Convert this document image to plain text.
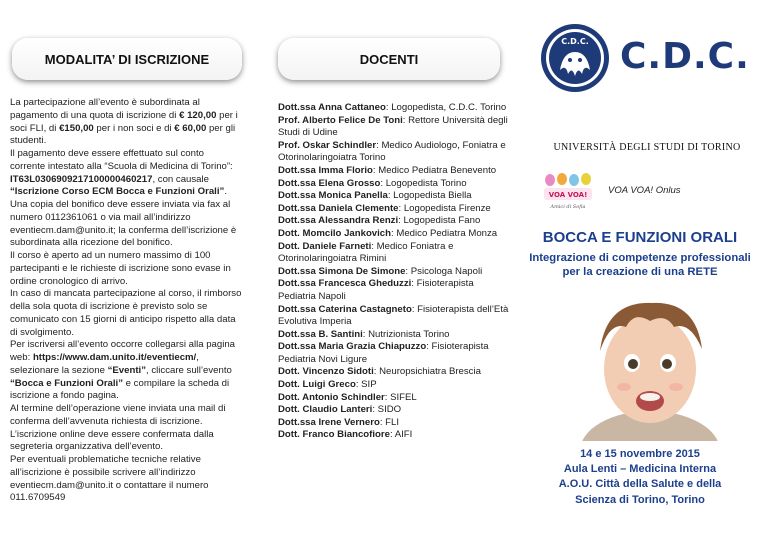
MODALITA’ DI ISCRIZIONE
La partecipazione all’evento è subordinata al
pagamento di una quota di iscrizione di € 120,00 per i
soci FLI, di €150,00 per i non soci e di € 60,00 per gli
studenti.
Il pagamento deve essere effettuato sul conto
corrente intestato alla “Scuola di Medicina di Torino”:
IT63L0306909217100000460217, con causale
“Iscrizione Corso ECM Bocca e Funzioni Orali”.
Una copia del bonifico deve essere inviata via fax al
numero 0112361061 o via mail all’indirizzo
eventiecm.dam@unito.it; la conferma dell’iscrizione è
subordinata alla ricezione del bonifico.
Il corso è aperto ad un numero massimo di 100
partecipanti e le richieste di iscrizione sono evase in
ordine cronologico di arrivo.
In caso di mancata partecipazione al corso, il rimborso
della sola quota di iscrizione è previsto solo se
comunicato con 15 giorni di anticipo rispetto alla data
di svolgimento.
Per iscriversi all’evento occorre collegarsi alla pagina
web: https://www.dam.unito.it/eventiecm/,
selezionare la sezione “Eventi”, cliccare sull’evento
“Bocca e Funzioni Orali” e compilare la scheda di
iscrizione a fondo pagina.
Al termine dell’operazione viene inviata una mail di
conferma dell’avvenuta richiesta di iscrizione.
L’iscrizione online deve essere confermata dalla
segreteria organizzativa dell’evento.
Per eventuali problematiche tecniche relative
all’iscrizione è possibile scrivere all’indirizzo
eventiecm.dam@unito.it o contattare il numero
011.6709549
DOCENTI
Dott.ssa Anna Cattaneo: Logopedista, C.D.C. Torino
Prof. Alberto Felice De Toni: Rettore Università degli Studi di Udine
Prof. Oskar Schindler: Medico Audiologo, Foniatra e Otorinolaringoiatra Torino
Dott.ssa Imma Florio: Medico Pediatra Benevento
Dott.ssa Elena Grosso: Logopedista Torino
Dott.ssa Monica Panella: Logopedista Biella
Dott.ssa Daniela Clemente: Logopedista Firenze
Dott.ssa Alessandra Renzi: Logopedista Fano
Dott. Momcilo Jankovich: Medico Pediatra Monza
Dott. Daniele Farneti: Medico Foniatra e Otorinolaringoiatra Rimini
Dott.ssa Simona De Simone: Psicologa Napoli
Dott.ssa Francesca Gheduzzi: Fisioterapista Pediatria Napoli
Dott.ssa Caterina Castagneto: Fisioterapista dell’Età Evolutiva Imperia
Dott.ssa B. Santini: Nutrizionista Torino
Dott.ssa Maria Grazia Chiapuzzo: Fisioterapista Pediatria Novi Ligure
Dott. Vincenzo Sidoti: Neuropsichiatra Brescia
Dott. Luigi Greco: SIP
Dott. Antonio Schindler: SIFEL
Dott. Claudio Lanteri: SIDO
Dott.ssa Irene Vernero: FLI
Dott. Franco Biancofiore: AIFI
C.D.C. C.D.C.
UNIVERSITÀ DEGLI STUDI DI TORINO
VOA VOA!
Amici di Sofia
VOA VOA! Onlus
BOCCA E FUNZIONI ORALI
Integrazione di competenze professionali
per la creazione di una RETE
14 e 15 novembre 2015
Aula Lenti – Medicina Interna
A.O.U. Città della Salute e della
Scienza di Torino, Torino
